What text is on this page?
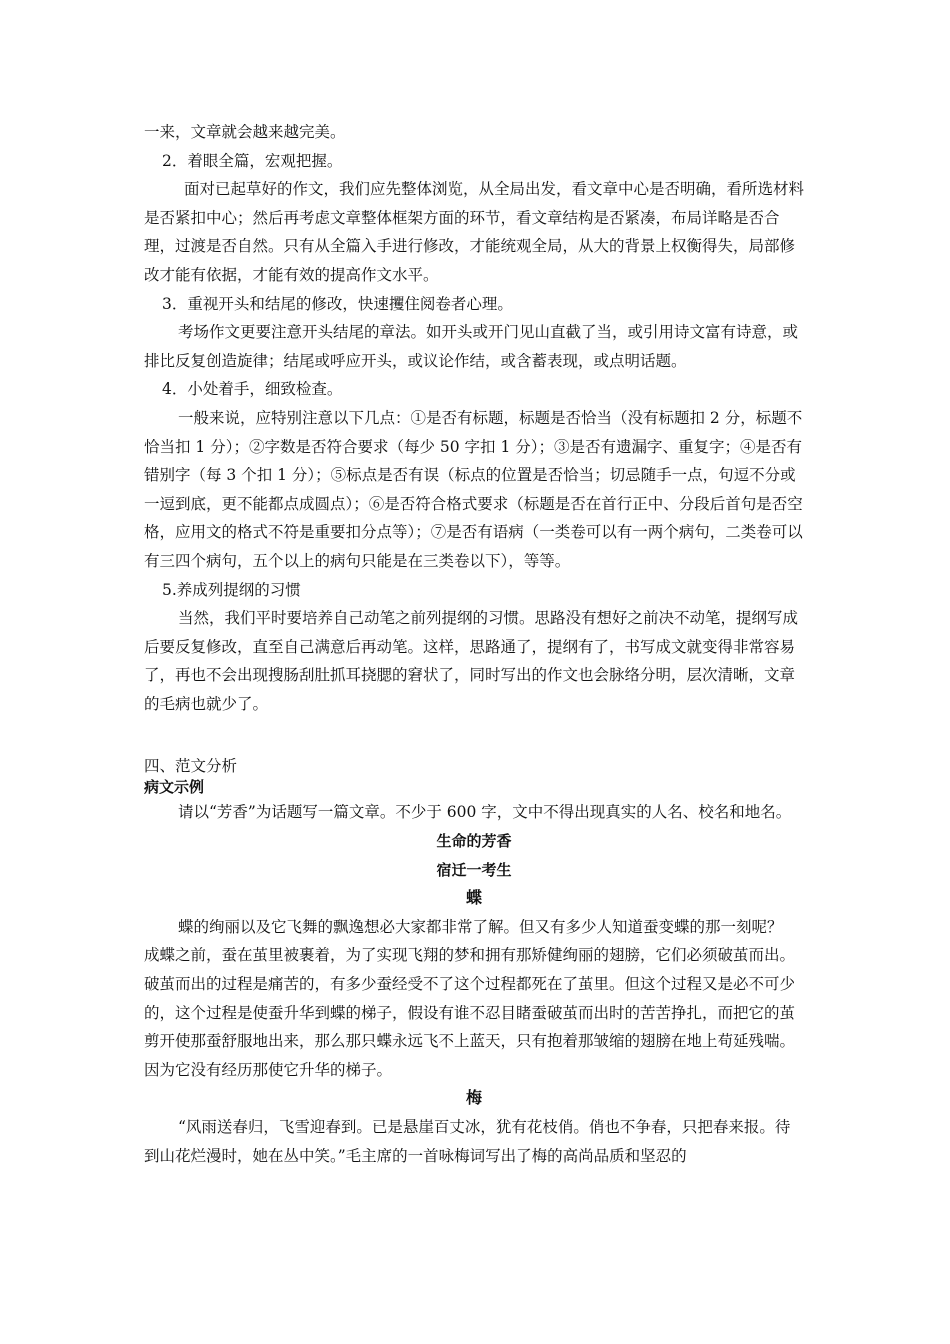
一来，文章就会越来越完美。

2．着眼全篇，宏观把握。

面对已起草好的作文，我们应先整体浏览，从全局出发，看文章中心是否明确，看所选材料是否紧扣中心；然后再考虑文章整体框架方面的环节，看文章结构是否紧凑，布局详略是否合理，过渡是否自然。只有从全篇入手进行修改，才能统观全局，从大的背景上权衡得失，局部修改才能有依据，才能有效的提高作文水平。

3．重视开头和结尾的修改，快速攫住阅卷者心理。

考场作文更要注意开头结尾的章法。如开头或开门见山直截了当，或引用诗文富有诗意，或排比反复创造旋律；结尾或呼应开头，或议论作结，或含蓄表现，或点明话题。

4．小处着手，细致检查。

一般来说，应特别注意以下几点：①是否有标题，标题是否恰当（没有标题扣 2 分，标题不恰当扣 1 分）；②字数是否符合要求（每少 50 字扣 1 分）；③是否有遗漏字、重复字；④是否有错别字（每 3 个扣 1 分）；⑤标点是否有误（标点的位置是否恰当；切忌随手一点，句逗不分或一逗到底，更不能都点成圆点）；⑥是否符合格式要求（标题是否在首行正中、分段后首句是否空格，应用文的格式不符是重要扣分点等）；⑦是否有语病（一类卷可以有一两个病句，二类卷可以有三四个病句，五个以上的病句只能是在三类卷以下），等等。

5.养成列提纲的习惯

当然，我们平时要培养自己动笔之前列提纲的习惯。思路没有想好之前决不动笔，提纲写成后要反复修改，直至自己满意后再动笔。这样，思路通了，提纲有了，书写成文就变得非常容易了，再也不会出现搜肠刮肚抓耳挠腮的窘状了，同时写出的作文也会脉络分明，层次清晰，文章的毛病也就少了。

四、范文分析

病文示例

请以“芳香”为话题写一篇文章。不少于 600 字，文中不得出现真实的人名、校名和地名。

生命的芳香

宿迁一考生

蝶

蝶的绚丽以及它飞舞的飘逸想必大家都非常了解。但又有多少人知道蚕变蝶的那一刻呢？　 成蝶之前，蚕在茧里被裹着，为了实现飞翔的梦和拥有那矫健绚丽的翅膀，它们必须破茧而出。破茧而出的过程是痛苦的，有多少蚕经受不了这个过程都死在了茧里。但这个过程又是必不可少的，这个过程是使蚕升华到蝶的梯子，假设有谁不忍目睹蚕破茧而出时的苦苦挣扎，而把它的茧剪开使那蚕舒服地出来，那么那只蝶永远飞不上蓝天，只有抱着那皱缩的翅膀在地上苟延残喘。因为它没有经历那使它升华的梯子。

梅

“风雨送春归，飞雪迎春到。已是悬崖百丈冰，犹有花枝俏。俏也不争春，只把春来报。待到山花烂漫时，她在丛中笑。”毛主席的一首咏梅词写出了梅的高尚品质和坚忍的
